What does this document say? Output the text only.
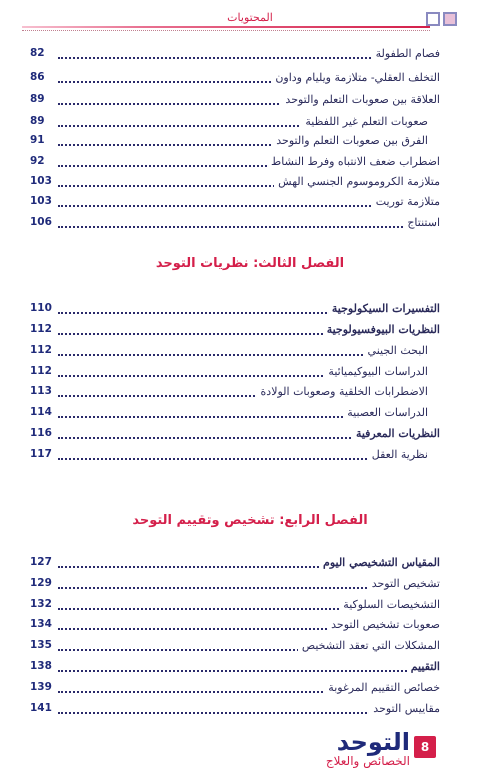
المحتويات
82	فصام الطفولة
86	التخلف العقلي- متلازمة ويليام وداون
89	العلاقة بين صعوبات التعلم والتوحد
89	صعوبات التعلم غير اللفظية
91	الفرق بين صعوبات التعلم والتوحد
92	اضطراب ضعف الانتباه وفرط النشاط
103	متلازمة الكروموسوم الجنسي الهش
103	متلازمة توريت
106	استنتاج
الفصل الثالث: نظريات التوحد
110	التفسيرات السيكولوجية
112	النظريات البيوفسيولوجية
112	البحث الجيني
112	الدراسات البيوكيميائية
113	الاضطرابات الخلقية وصعوبات الولادة
114	الدراسات العصبية
116	النظريات المعرفية
117	نظرية العقل
الفصل الرابع: تشخيص وتقييم التوحد
127	المقياس التشخيصي اليوم
129	تشخيص التوحد
132	التشخيصات السلوكية
134	صعوبات تشخيص التوحد
135	المشكلات التي تعقد التشخيص
138	التقييم
139	خصائص التقييم المرغوبة
141	مقاييس التوحد
التوحد
الخصائص والعلاج
8
